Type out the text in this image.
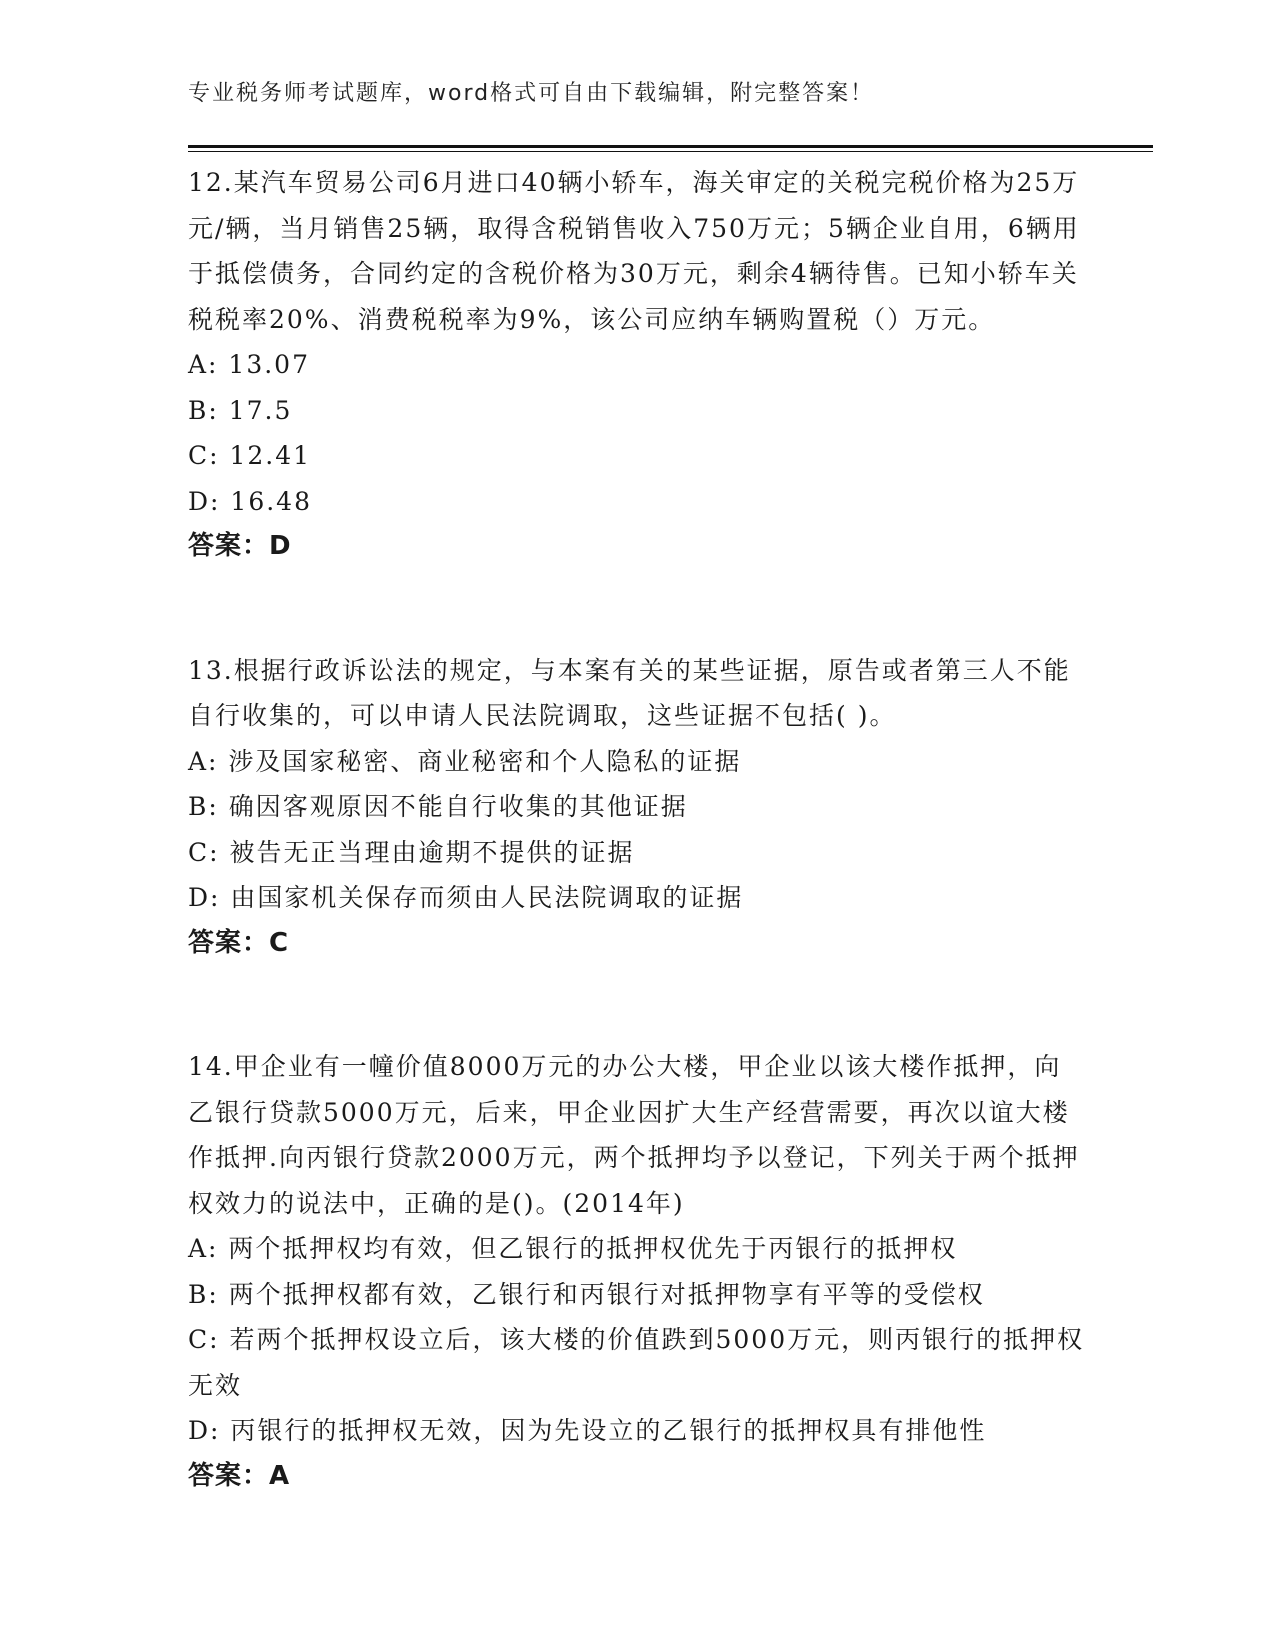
专业税务师考试题库，word格式可自由下载编辑，附完整答案！

12.某汽车贸易公司6月进口40辆小轿车，海关审定的关税完税价格为25万元/辆，当月销售25辆，取得含税销售收入750万元；5辆企业自用，6辆用于抵偿债务，合同约定的含税价格为30万元，剩余4辆待售。已知小轿车关税税率20%、消费税税率为9%，该公司应纳车辆购置税（）万元。

A: 13.07

B: 17.5

C: 12.41

D: 16.48

答案：D

13.根据行政诉讼法的规定，与本案有关的某些证据，原告或者第三人不能自行收集的，可以申请人民法院调取，这些证据不包括( )。

A: 涉及国家秘密、商业秘密和个人隐私的证据

B: 确因客观原因不能自行收集的其他证据

C: 被告无正当理由逾期不提供的证据

D: 由国家机关保存而须由人民法院调取的证据

答案：C

14.甲企业有一幢价值8000万元的办公大楼，甲企业以该大楼作抵押，向乙银行贷款5000万元，后来，甲企业因扩大生产经营需要，再次以谊大楼作抵押.向丙银行贷款2000万元，两个抵押均予以登记，下列关于两个抵押权效力的说法中，正确的是()。(2014年)

A: 两个抵押权均有效，但乙银行的抵押权优先于丙银行的抵押权

B: 两个抵押权都有效，乙银行和丙银行对抵押物享有平等的受偿权

C: 若两个抵押权设立后，该大楼的价值跌到5000万元，则丙银行的抵押权无效

D: 丙银行的抵押权无效，因为先设立的乙银行的抵押权具有排他性

答案：A
